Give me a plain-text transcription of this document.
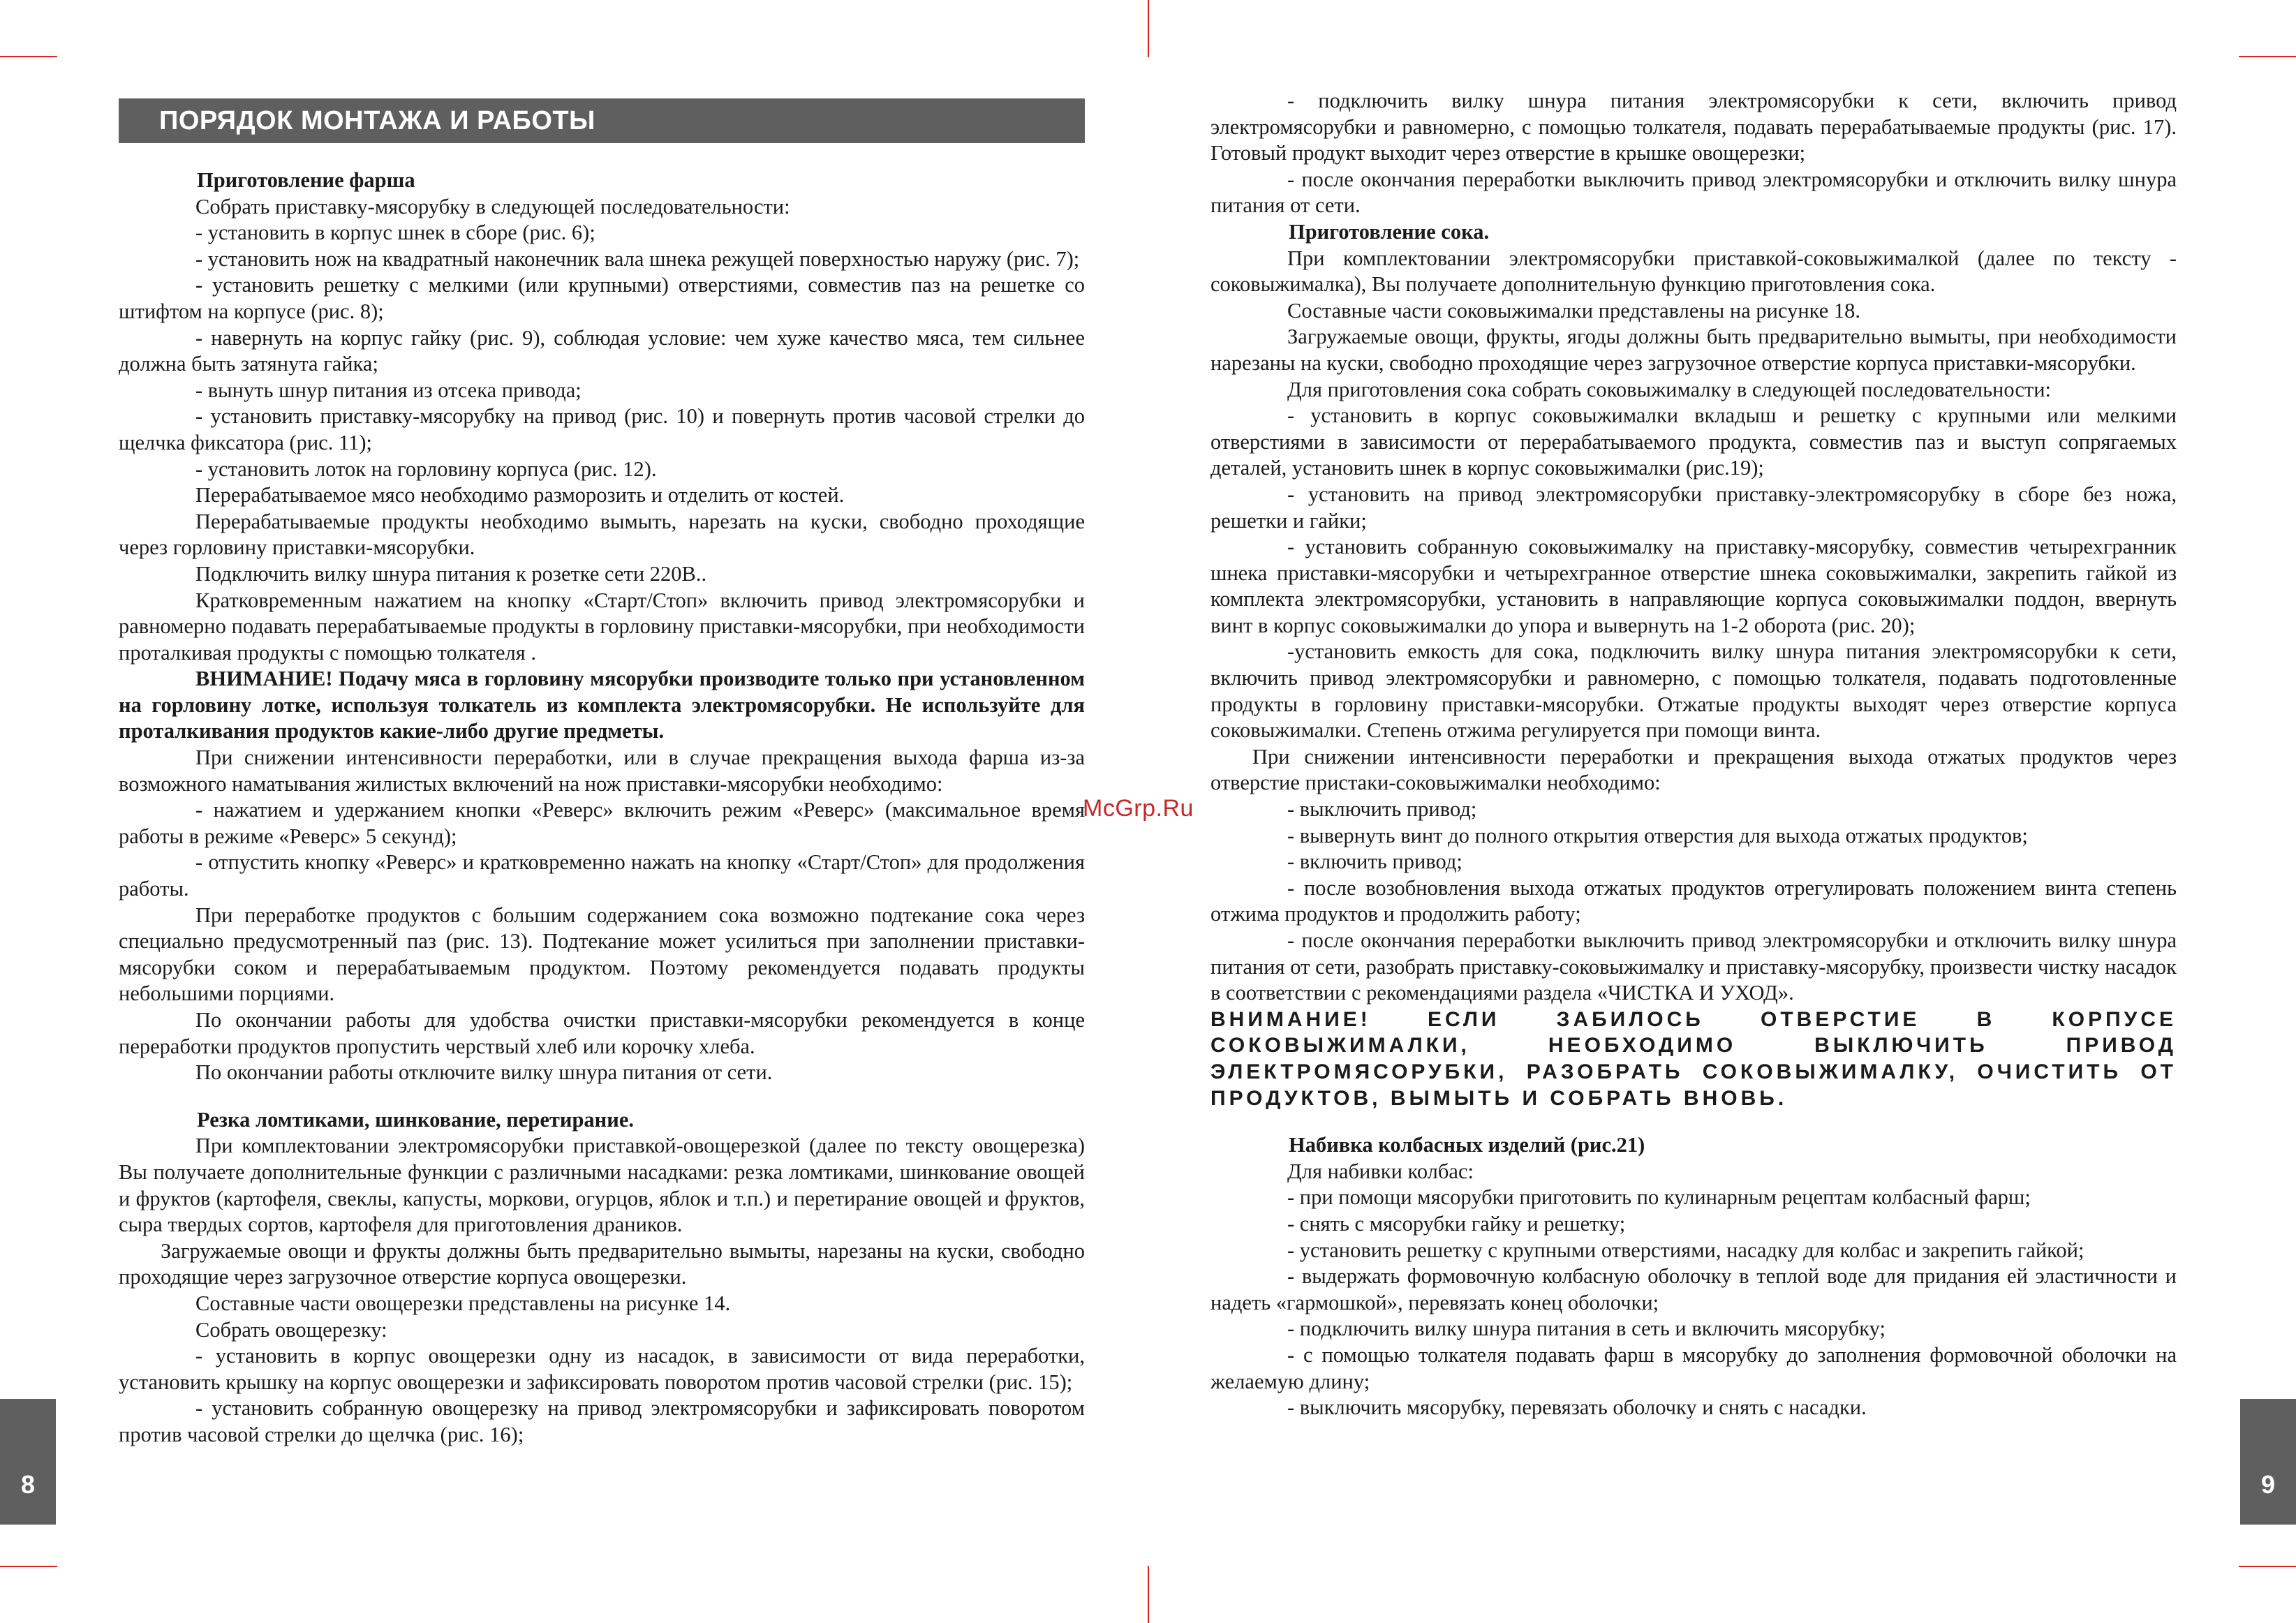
ПОРЯДОК МОНТАЖА И РАБОТЫ

Приготовление фарша

Собрать приставку-мясорубку в следующей последовательности:

- установить в корпус шнек в сборе (рис. 6);

- установить нож на квадратный наконечник вала шнека режущей поверхностью наружу (рис. 7);

- установить решетку с мелкими (или крупными) отверстиями, совместив паз на решетке со штифтом на корпусе (рис. 8);

- навернуть на корпус гайку (рис. 9), соблюдая условие: чем хуже качество мяса, тем сильнее должна быть затянута гайка;

- вынуть шнур питания из отсека привода;

- установить приставку-мясорубку на привод (рис. 10) и повернуть против часовой стрелки до щелчка фиксатора (рис. 11);

- установить лоток на горловину корпуса (рис. 12).

Перерабатываемое мясо необходимо разморозить и отделить от костей.

Перерабатываемые продукты необходимо вымыть, нарезать на куски, свободно проходящие через горловину приставки-мясорубки.

Подключить вилку шнура питания к розетке сети 220В..

Кратковременным нажатием на кнопку «Старт/Стоп» включить привод электромясорубки и равномерно подавать перерабатываемые продукты в горловину приставки-мясорубки, при необходимости проталкивая продукты с помощью толкателя .

ВНИМАНИЕ! Подачу мяса в горловину мясорубки производите только при установленном на горловину лотке, используя толкатель из комплекта электромясорубки. Не используйте для проталкивания продуктов какие-либо другие предметы.

При снижении интенсивности переработки, или в случае прекращения выхода фарша из-за возможного наматывания жилистых включений на нож приставки-мясорубки необходимо:

- нажатием и удержанием кнопки «Реверс» включить режим «Реверс» (максимальное время работы в режиме «Реверс» 5 секунд);

- отпустить кнопку «Реверс» и кратковременно нажать на кнопку «Старт/Стоп» для продолжения работы.

При переработке продуктов с большим содержанием сока возможно подтекание сока через специально предусмотренный паз (рис. 13). Подтекание может усилиться при заполнении приставки-мясорубки соком и перерабатываемым продуктом. Поэтому рекомендуется подавать продукты небольшими порциями.

По окончании работы для удобства очистки приставки-мясорубки рекомендуется в конце переработки продуктов пропустить черствый хлеб или корочку хлеба.

По окончании работы отключите вилку шнура питания от сети.

Резка ломтиками, шинкование, перетирание.

При комплектовании электромясорубки приставкой-овощерезкой (далее по тексту овощерезка) Вы получаете дополнительные функции с различными насадками: резка ломтиками, шинкование овощей и фруктов (картофеля, свеклы, капусты, моркови, огурцов, яблок и т.п.) и перетирание овощей и фруктов, сыра твердых сортов, картофеля для приготовления драников.

Загружаемые овощи и фрукты должны быть предварительно вымыты, нарезаны на куски, свободно проходящие через загрузочное отверстие корпуса овощерезки.

Составные части овощерезки представлены на рисунке 14.

Собрать овощерезку:

- установить в корпус овощерезки одну из насадок, в зависимости от вида переработки, установить крышку на корпус овощерезки и зафиксировать поворотом против часовой стрелки (рис. 15);

- установить собранную овощерезку на привод электромясорубки и зафиксировать поворотом против часовой стрелки до щелчка (рис. 16);

- подключить вилку шнура питания электромясорубки к сети, включить привод электромясорубки и равномерно, с помощью толкателя, подавать перерабатываемые продукты (рис. 17). Готовый продукт выходит через отверстие в крышке овощерезки;

- после окончания переработки выключить привод электромясорубки и отключить вилку шнура питания от сети.

Приготовление сока.

При комплектовании электромясорубки приставкой-соковыжималкой (далее по тексту - соковыжималка), Вы получаете дополнительную функцию приготовления сока.

Составные части соковыжималки представлены на рисунке 18.

Загружаемые овощи, фрукты, ягоды должны быть предварительно вымыты, при необходимости нарезаны на куски, свободно проходящие через загрузочное отверстие корпуса приставки-мясорубки.

Для приготовления сока собрать соковыжималку в следующей последовательности:

- установить в корпус соковыжималки вкладыш и решетку с крупными или мелкими отверстиями в зависимости от перерабатываемого продукта, совместив паз и выступ сопрягаемых деталей, установить шнек в корпус соковыжималки (рис.19);

- установить на привод электромясорубки приставку-электромясорубку в сборе без ножа, решетки и гайки;

- установить собранную соковыжималку на приставку-мясорубку, совместив четырехгранник шнека приставки-мясорубки и четырехгранное отверстие шнека соковыжималки, закрепить гайкой из комплекта электромясорубки, установить в направляющие корпуса соковыжималки поддон, ввернуть винт в корпус соковыжималки до упора и вывернуть на 1-2 оборота (рис. 20);

-установить емкость для сока, подключить вилку шнура питания электромясорубки к сети, включить привод электромясорубки и равномерно, с помощью толкателя, подавать подготовленные продукты в горловину приставки-мясорубки. Отжатые продукты выходят через отверстие корпуса соковыжималки. Степень отжима регулируется при помощи винта.

При снижении интенсивности переработки и прекращения выхода отжатых продуктов через отверстие пристаки-соковыжималки необходимо:

- выключить привод;

- вывернуть винт до полного открытия отверстия для выхода отжатых продуктов;

- включить привод;

- после возобновления выхода отжатых продуктов отрегулировать положением винта степень отжима продуктов и продолжить работу;

- после окончания переработки выключить привод электромясорубки и отключить вилку шнура питания от сети, разобрать приставку-соковыжималку и приставку-мясорубку, произвести чистку насадок в соответствии с рекомендациями раздела «ЧИСТКА И УХОД».

ВНИМАНИЕ! ЕСЛИ ЗАБИЛОСЬ ОТВЕРСТИЕ В КОРПУСЕ СОКОВЫЖИМАЛКИ, НЕОБХОДИМО ВЫКЛЮЧИТЬ ПРИВОД ЭЛЕКТРОМЯСОРУБКИ, РАЗОБРАТЬ СОКОВЫЖИМАЛКУ, ОЧИСТИТЬ ОТ ПРОДУКТОВ, ВЫМЫТЬ И СОБРАТЬ ВНОВЬ.

Набивка колбасных изделий (рис.21)

Для набивки колбас:

- при помощи мясорубки приготовить по кулинарным рецептам колбасный фарш;

- снять с мясорубки гайку и решетку;

- установить решетку с крупными отверстиями, насадку для колбас и закрепить гайкой;

- выдержать формовочную колбасную оболочку в теплой воде для придания ей эластичности и надеть «гармошкой», перевязать конец оболочки;

- подключить вилку шнура питания в сеть и включить мясорубку;

- с помощью толкателя подавать фарш в мясорубку до заполнения формовочной оболочки на желаемую длину;

- выключить мясорубку, перевязать оболочку и снять с насадки.

8	9
McGrp.Ru
